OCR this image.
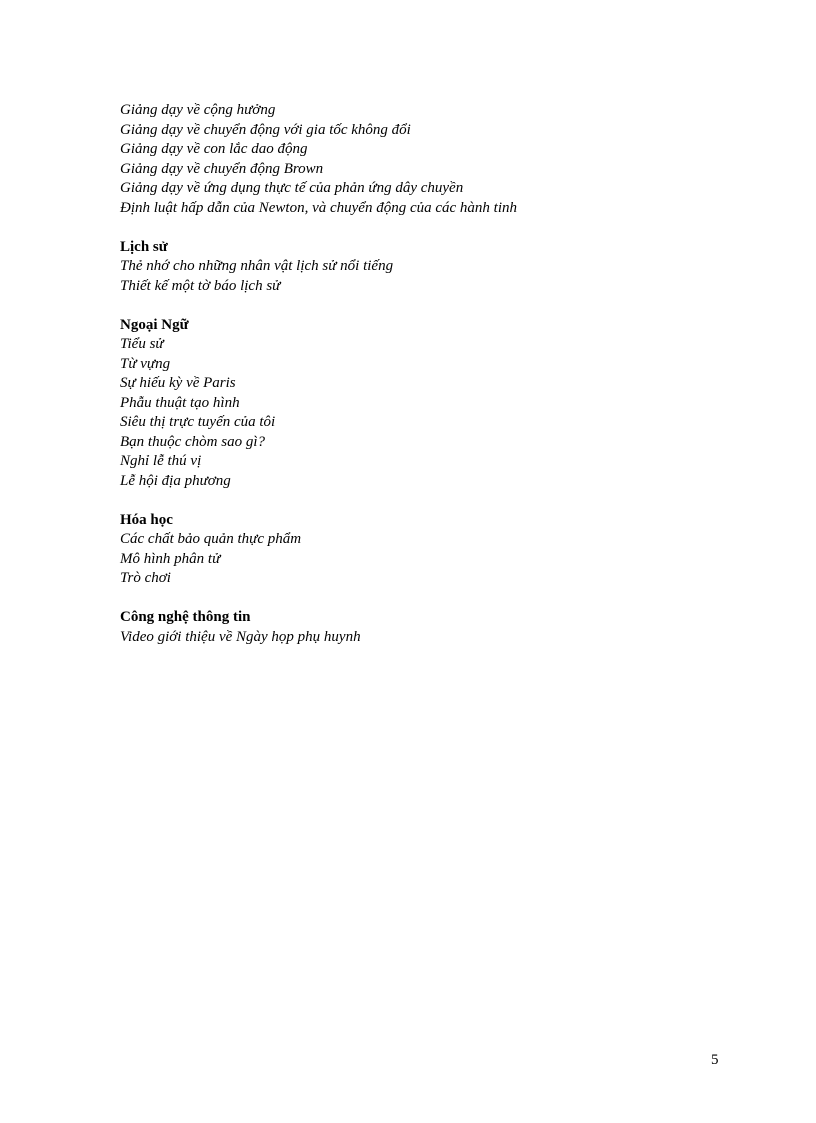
Giảng dạy về cộng hưởng
Giảng dạy về chuyển động với gia tốc không đổi
Giảng dạy về con lắc dao động
Giảng dạy về chuyển động Brown
Giảng dạy về ứng dụng thực tế của phản ứng dây chuyền
Định luật hấp dẫn của Newton, và chuyển động của các hành tinh
Lịch sử
Thẻ nhớ cho những nhân vật lịch sử nổi tiếng
Thiết kế một tờ báo lịch sử
Ngoại Ngữ
Tiểu sử
Từ vựng
Sự hiếu kỳ về Paris
Phẫu thuật tạo hình
Siêu thị trực tuyến của tôi
Bạn thuộc chòm sao gì?
Nghỉ lễ thú vị
Lễ hội địa phương
Hóa học
Các chất bảo quản thực phẩm
Mô hình phân tử
Trò chơi
Công nghệ thông tin
Video giới thiệu về Ngày họp phụ huynh
5
